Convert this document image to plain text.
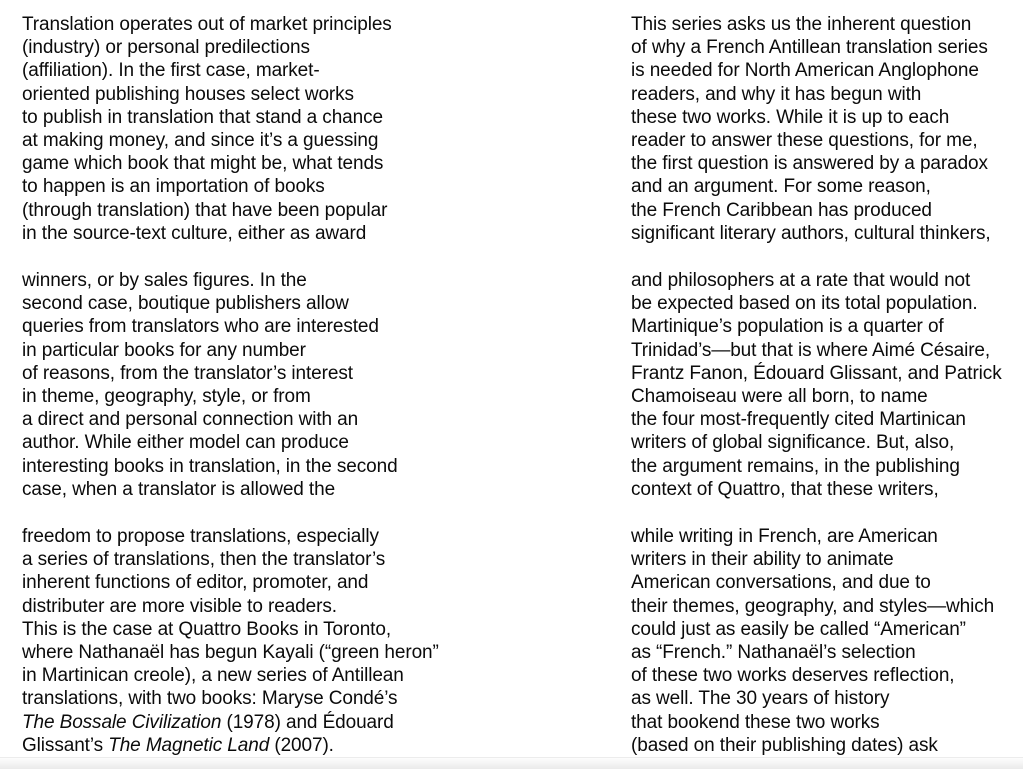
Translation operates out of market principles
(industry) or personal predilections
(affiliation). In the first case, market-
oriented publishing houses select works
to publish in translation that stand a chance
at making money, and since it’s a guessing
game which book that might be, what tends
to happen is an importation of books
(through translation) that have been popular
in the source-text culture, either as award
winners, or by sales figures. In the
second case, boutique publishers allow
queries from translators who are interested
in particular books for any number
of reasons, from the translator’s interest
in theme, geography, style, or from
a direct and personal connection with an
author. While either model can produce
interesting books in translation, in the second
case, when a translator is allowed the
freedom to propose translations, especially
a series of translations, then the translator’s
inherent functions of editor, promoter, and
distributer are more visible to readers.
This is the case at Quattro Books in Toronto,
where Nathanaël has begun Kayali (“green heron”
in Martinican creole), a new series of Antillean
translations, with two books: Maryse Condé’s
The Bossale Civilization (1978) and Édouard
Glissant’s The Magnetic Land (2007).
This series asks us the inherent question
of why a French Antillean translation series
is needed for North American Anglophone
readers, and why it has begun with
these two works. While it is up to each
reader to answer these questions, for me,
the first question is answered by a paradox
and an argument. For some reason,
the French Caribbean has produced
significant literary authors, cultural thinkers,
and philosophers at a rate that would not
be expected based on its total population.
Martinique’s population is a quarter of
Trinidad’s—but that is where Aimé Césaire,
Frantz Fanon, Édouard Glissant, and Patrick
Chamoiseau were all born, to name
the four most-frequently cited Martinican
writers of global significance. But, also,
the argument remains, in the publishing
context of Quattro, that these writers,
while writing in French, are American
writers in their ability to animate
American conversations, and due to
their themes, geography, and styles—which
could just as easily be called “American”
as “French.” Nathanaël’s selection
of these two works deserves reflection,
as well. The 30 years of history
that bookend these two works
(based on their publishing dates) ask
